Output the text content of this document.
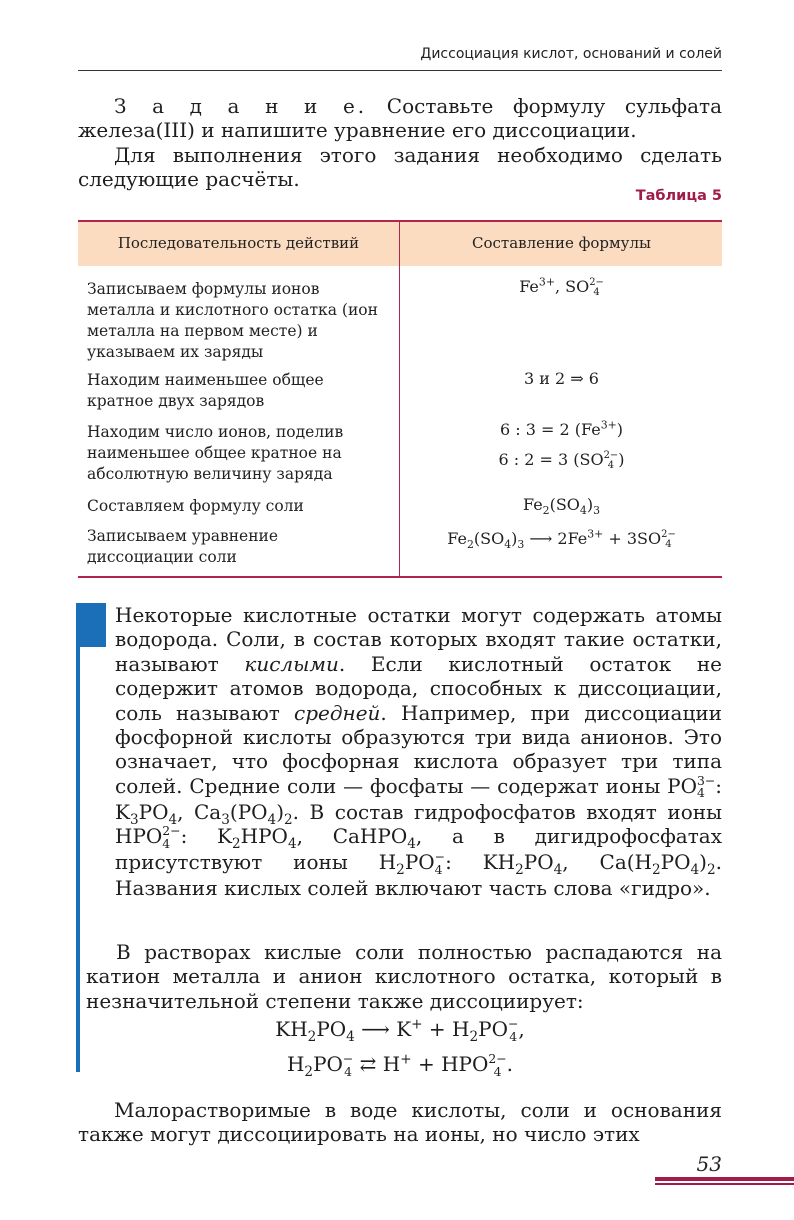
Диссоциация кислот, оснований и солей
З а д а н и е. Составьте формулу сульфата железа(III) и напишите уравнение его диссоциации.
Для выполнения этого задания необходимо сделать следующие расчёты.
Таблица 5
Последовательность действий	Составление формулы
Записываем формулы ионов металла и кислотного остатка (ион металла на первом месте) и указываем их заряды
$Fe^{3+}$, SO 2−
4
Находим наименьшее общее кратное двух зарядов
3 и 2 ⇒ 6
Находим число ионов, поделив наименьшее общее кратное на абсолютную величину заряда
6 : 3 = 2 $(Fe^{3+})$
6 : 2 = 3 (SO 2−
4 )
Составляем формулу соли	$Fe_2(SO_4)_3$
Записываем уравнение диссоциации соли
$Fe_2(SO_4)_3$ ⟶ $2Fe^{3+} + 3SO$ 2−
4
Некоторые кислотные остатки могут содержать атомы водорода. Соли, в состав которых входят такие остатки, называют кислыми. Если кислотный остаток не содержит атомов водорода, способных к диссоциации, соль называют средней. Например, при диссоциации фосфорной кислоты образуются три вида анионов. Это означает, что фосфорная кислота образует три типа солей. Средние соли — фосфаты — содержат ионы PO 3−
4 : $K_3PO_4$, $Ca_3(PO_4)_2$. В состав гидрофосфатов входят ионы HPO 2−
4 : $K_2HPO_4$, CaHPO$_4$, а в дигидрофосфатах присутствуют ионы $H_2PO$ −
4 : $KH_2PO_4$, $Ca(H_2PO_4)_2$. Названия кислых солей включают часть слова «гидро».
В растворах кислые соли полностью распадаются на катион металла и анион кислотного остатка, который в незначительной степени также диссоциирует:
$KH_2PO_4$ ⟶ $K^+ + H_2PO$ −
4 ,
$H_2PO$ −
4 ⇄ H+ + HPO 2−
4 .
Малорастворимые в воде кислоты, соли и основания также могут диссоциировать на ионы, но число этих
53
